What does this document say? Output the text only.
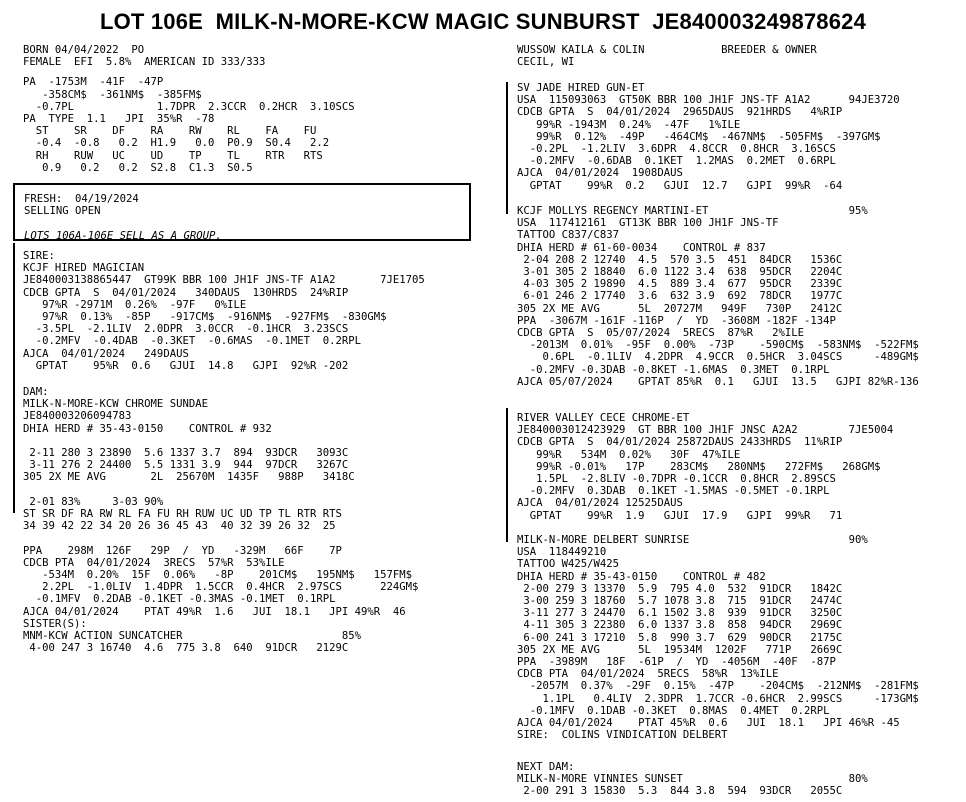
LOT 106E  MILK-N-MORE-KCW MAGIC SUNBURST  JE840003249878624
BORN 04/04/2022  PO
FEMALE  EFI  5.8%  AMERICAN ID 333/333
PA  -1753M  -41F  -47P
-358CM$  -361NM$  -385FM$
-0.7PL             1.7DPR  2.3CCR  0.2HCR  3.10SCS
PA  TYPE  1.1   JPI  35%R  -78
ST    SR    DF    RA    RW    RL    FA    FU
-0.4  -0.8   0.2  H1.9   0.0  P0.9  S0.4   2.2
RH    RUW   UC    UD    TP    TL    RTR   RTS
0.9   0.2   0.2  S2.8  C1.3  S0.5
FRESH:  04/19/2024
SELLING OPEN

LOTS 106A-106E SELL AS A GROUP.
SIRE:
KCJF HIRED MAGICIAN
JE840003138865447  GT99K BBR 100 JH1F JNS-TF A1A2       7JE1705
CDCB GPTA  S  04/01/2024   340DAUS  130HRDS  24%RIP
97%R -2971M  0.26%  -97F   0%ILE
97%R  0.13%  -85P   -917CM$  -916NM$  -927FM$  -830GM$
-3.5PL  -2.1LIV  2.0DPR  3.0CCR  -0.1HCR  3.23SCS
-0.2MFV  -0.4DAB  -0.3KET  -0.6MAS  -0.1MET  0.2RPL
AJCA  04/01/2024   249DAUS
GPTAT    95%R  0.6   GJUI  14.8   GJPI  92%R -202
DAM:
MILK-N-MORE-KCW CHROME SUNDAE
JE840003206094783
DHIA HERD # 35-43-0150    CONTROL # 932

2-11 280 3 23890  5.6 1337 3.7  894  93DCR   3093C
3-11 276 2 24400  5.5 1331 3.9  944  97DCR   3267C
305 2X ME AVG       2L  25670M  1435F   988P   3418C

2-01 83%     3-03 90%
ST SR DF RA RW RL FA FU RH RUW UC UD TP TL RTR RTS
34 39 42 22 34 20 26 36 45 43  40 32 39 26 32  25

PPA    298M  126F   29P  /  YD   -329M   66F    7P
CDCB PTA  04/01/2024  3RECS  57%R  53%ILE
-534M  0.20%  15F  0.06%   -8P    201CM$   195NM$   157FM$
2.2PL  -1.0LIV  1.4DPR  1.5CCR  0.4HCR  2.97SCS      224GM$
-0.1MFV  0.2DAB -0.1KET -0.3MAS -0.1MET  0.1RPL
AJCA 04/01/2024    PTAT 49%R  1.6   JUI  18.1   JPI 49%R  46
SISTER(S):
MNM-KCW ACTION SUNCATCHER                         85%
4-00 247 3 16740  4.6  775 3.8  640  91DCR   2129C
WUSSOW KAILA & COLIN            BREEDER & OWNER
CECIL, WI
SV JADE HIRED GUN-ET
USA  115093063  GT50K BBR 100 JH1F JNS-TF A1A2      94JE3720
CDCB GPTA  S  04/01/2024  2965DAUS  921HRDS   4%RIP
99%R -1943M  0.24%  -47F   1%ILE
99%R  0.12%  -49P   -464CM$  -467NM$  -505FM$  -397GM$
-0.2PL  -1.2LIV  3.6DPR  4.8CCR  0.8HCR  3.16SCS
-0.2MFV  -0.6DAB  0.1KET  1.2MAS  0.2MET  0.6RPL
AJCA  04/01/2024  1908DAUS
GPTAT    99%R  0.2   GJUI  12.7   GJPI  99%R  -64
KCJF MOLLYS REGENCY MARTINI-ET                      95%
USA  117412161  GT13K BBR 100 JH1F JNS-TF
TATTOO C837/C837
DHIA HERD # 61-60-0034    CONTROL # 837
2-04 208 2 12740  4.5  570 3.5  451  84DCR   1536C
3-01 305 2 18840  6.0 1122 3.4  638  95DCR   2204C
4-03 305 2 19890  4.5  889 3.4  677  95DCR   2339C
6-01 246 2 17740  3.6  632 3.9  692  78DCR   1977C
305 2X ME AVG      5L  20727M   949F   730P   2412C
PPA  -3067M -161F -116P  /  YD  -3608M -182F -134P
CDCB GPTA  S  05/07/2024  5RECS  87%R   2%ILE
-2013M  0.01%  -95F  0.00%  -73P    -590CM$  -583NM$  -522FM$
0.6PL  -0.1LIV  4.2DPR  4.9CCR  0.5HCR  3.04SCS     -489GM$
-0.2MFV -0.3DAB -0.8KET -1.6MAS  0.3MET  0.1RPL
AJCA 05/07/2024    GPTAT 85%R  0.1   GJUI  13.5   GJPI 82%R-136
RIVER VALLEY CECE CHROME-ET
JE840003012423929  GT BBR 100 JH1F JNSC A2A2        7JE5004
CDCB GPTA  S  04/01/2024 25872DAUS 2433HRDS  11%RIP
99%R   534M  0.02%   30F  47%ILE
99%R -0.01%   17P    283CM$   280NM$   272FM$   268GM$
1.5PL  -2.8LIV -0.7DPR -0.1CCR  0.8HCR  2.89SCS
-0.2MFV  0.3DAB  0.1KET -1.5MAS -0.5MET -0.1RPL
AJCA  04/01/2024 12525DAUS
GPTAT    99%R  1.9   GJUI  17.9   GJPI  99%R   71
MILK-N-MORE DELBERT SUNRISE                         90%
USA  118449210
TATTOO W425/W425
DHIA HERD # 35-43-0150    CONTROL # 482
2-00 279 3 13370  5.9  795 4.0  532  91DCR   1842C
3-00 259 3 18760  5.7 1078 3.8  715  91DCR   2474C
3-11 277 3 24470  6.1 1502 3.8  939  91DCR   3250C
4-11 305 3 22380  6.0 1337 3.8  858  94DCR   2969C
6-00 241 3 17210  5.8  990 3.7  629  90DCR   2175C
305 2X ME AVG      5L  19534M  1202F   771P   2669C
PPA  -3989M   18F  -61P  /  YD  -4056M  -40F  -87P
CDCB PTA  04/01/2024  5RECS  58%R  13%ILE
-2057M  0.37%  -29F  0.15%  -47P    -204CM$  -212NM$  -281FM$
1.1PL   0.4LIV  2.3DPR  1.7CCR -0.6HCR  2.99SCS     -173GM$
-0.1MFV  0.1DAB -0.3KET  0.8MAS  0.4MET  0.2RPL
AJCA 04/01/2024    PTAT 45%R  0.6   JUI  18.1   JPI 46%R -45
SIRE:  COLINS VINDICATION DELBERT
NEXT DAM:
MILK-N-MORE VINNIES SUNSET                          80%
2-00 291 3 15830  5.3  844 3.8  594  93DCR   2055C
